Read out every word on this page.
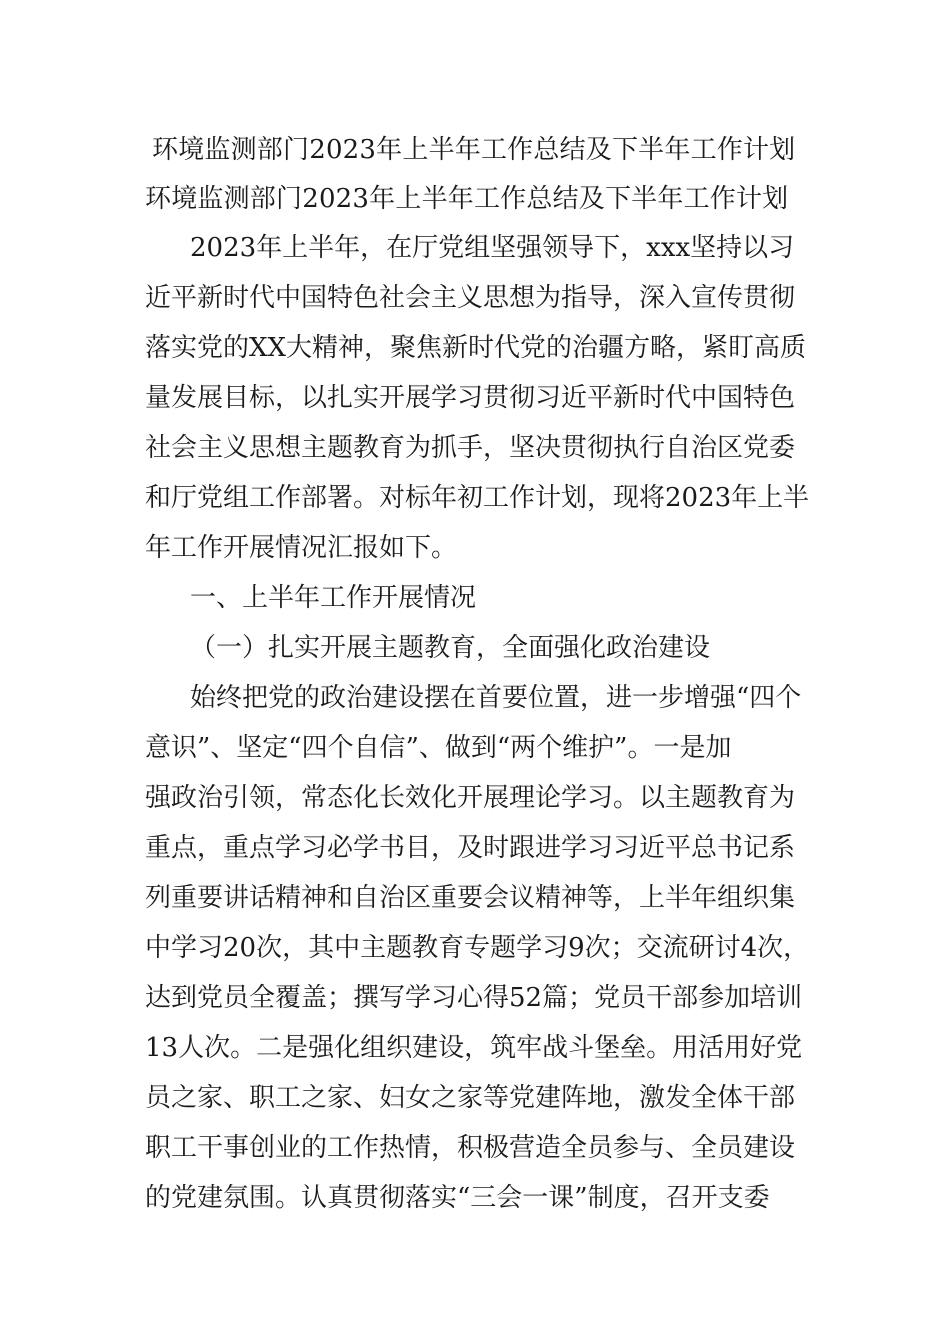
环境监测部门2023年上半年工作总结及下半年工作计划
环境监测部门2023年上半年工作总结及下半年工作计划
2023年上半年，在厅党组坚强领导下，xxx坚持以习
近平新时代中国特色社会主义思想为指导，深入宣传贯彻
落实党的XX大精神，聚焦新时代党的治疆方略，紧盯高质
量发展目标，以扎实开展学习贯彻习近平新时代中国特色
社会主义思想主题教育为抓手，坚决贯彻执行自治区党委
和厅党组工作部署。对标年初工作计划，现将2023年上半
年工作开展情况汇报如下。
一、上半年工作开展情况
（一）扎实开展主题教育，全面强化政治建设
始终把党的政治建设摆在首要位置，进一步增强“四个
意识”、坚定“四个自信”、做到“两个维护”。一是加
强政治引领，常态化长效化开展理论学习。以主题教育为
重点，重点学习必学书目，及时跟进学习习近平总书记系
列重要讲话精神和自治区重要会议精神等，上半年组织集
中学习20次，其中主题教育专题学习9次；交流研讨4次，
达到党员全覆盖；撰写学习心得52篇；党员干部参加培训
13人次。二是强化组织建设，筑牢战斗堡垒。用活用好党
员之家、职工之家、妇女之家等党建阵地，激发全体干部
职工干事创业的工作热情，积极营造全员参与、全员建设
的党建氛围。认真贯彻落实“三会一课”制度，召开支委
